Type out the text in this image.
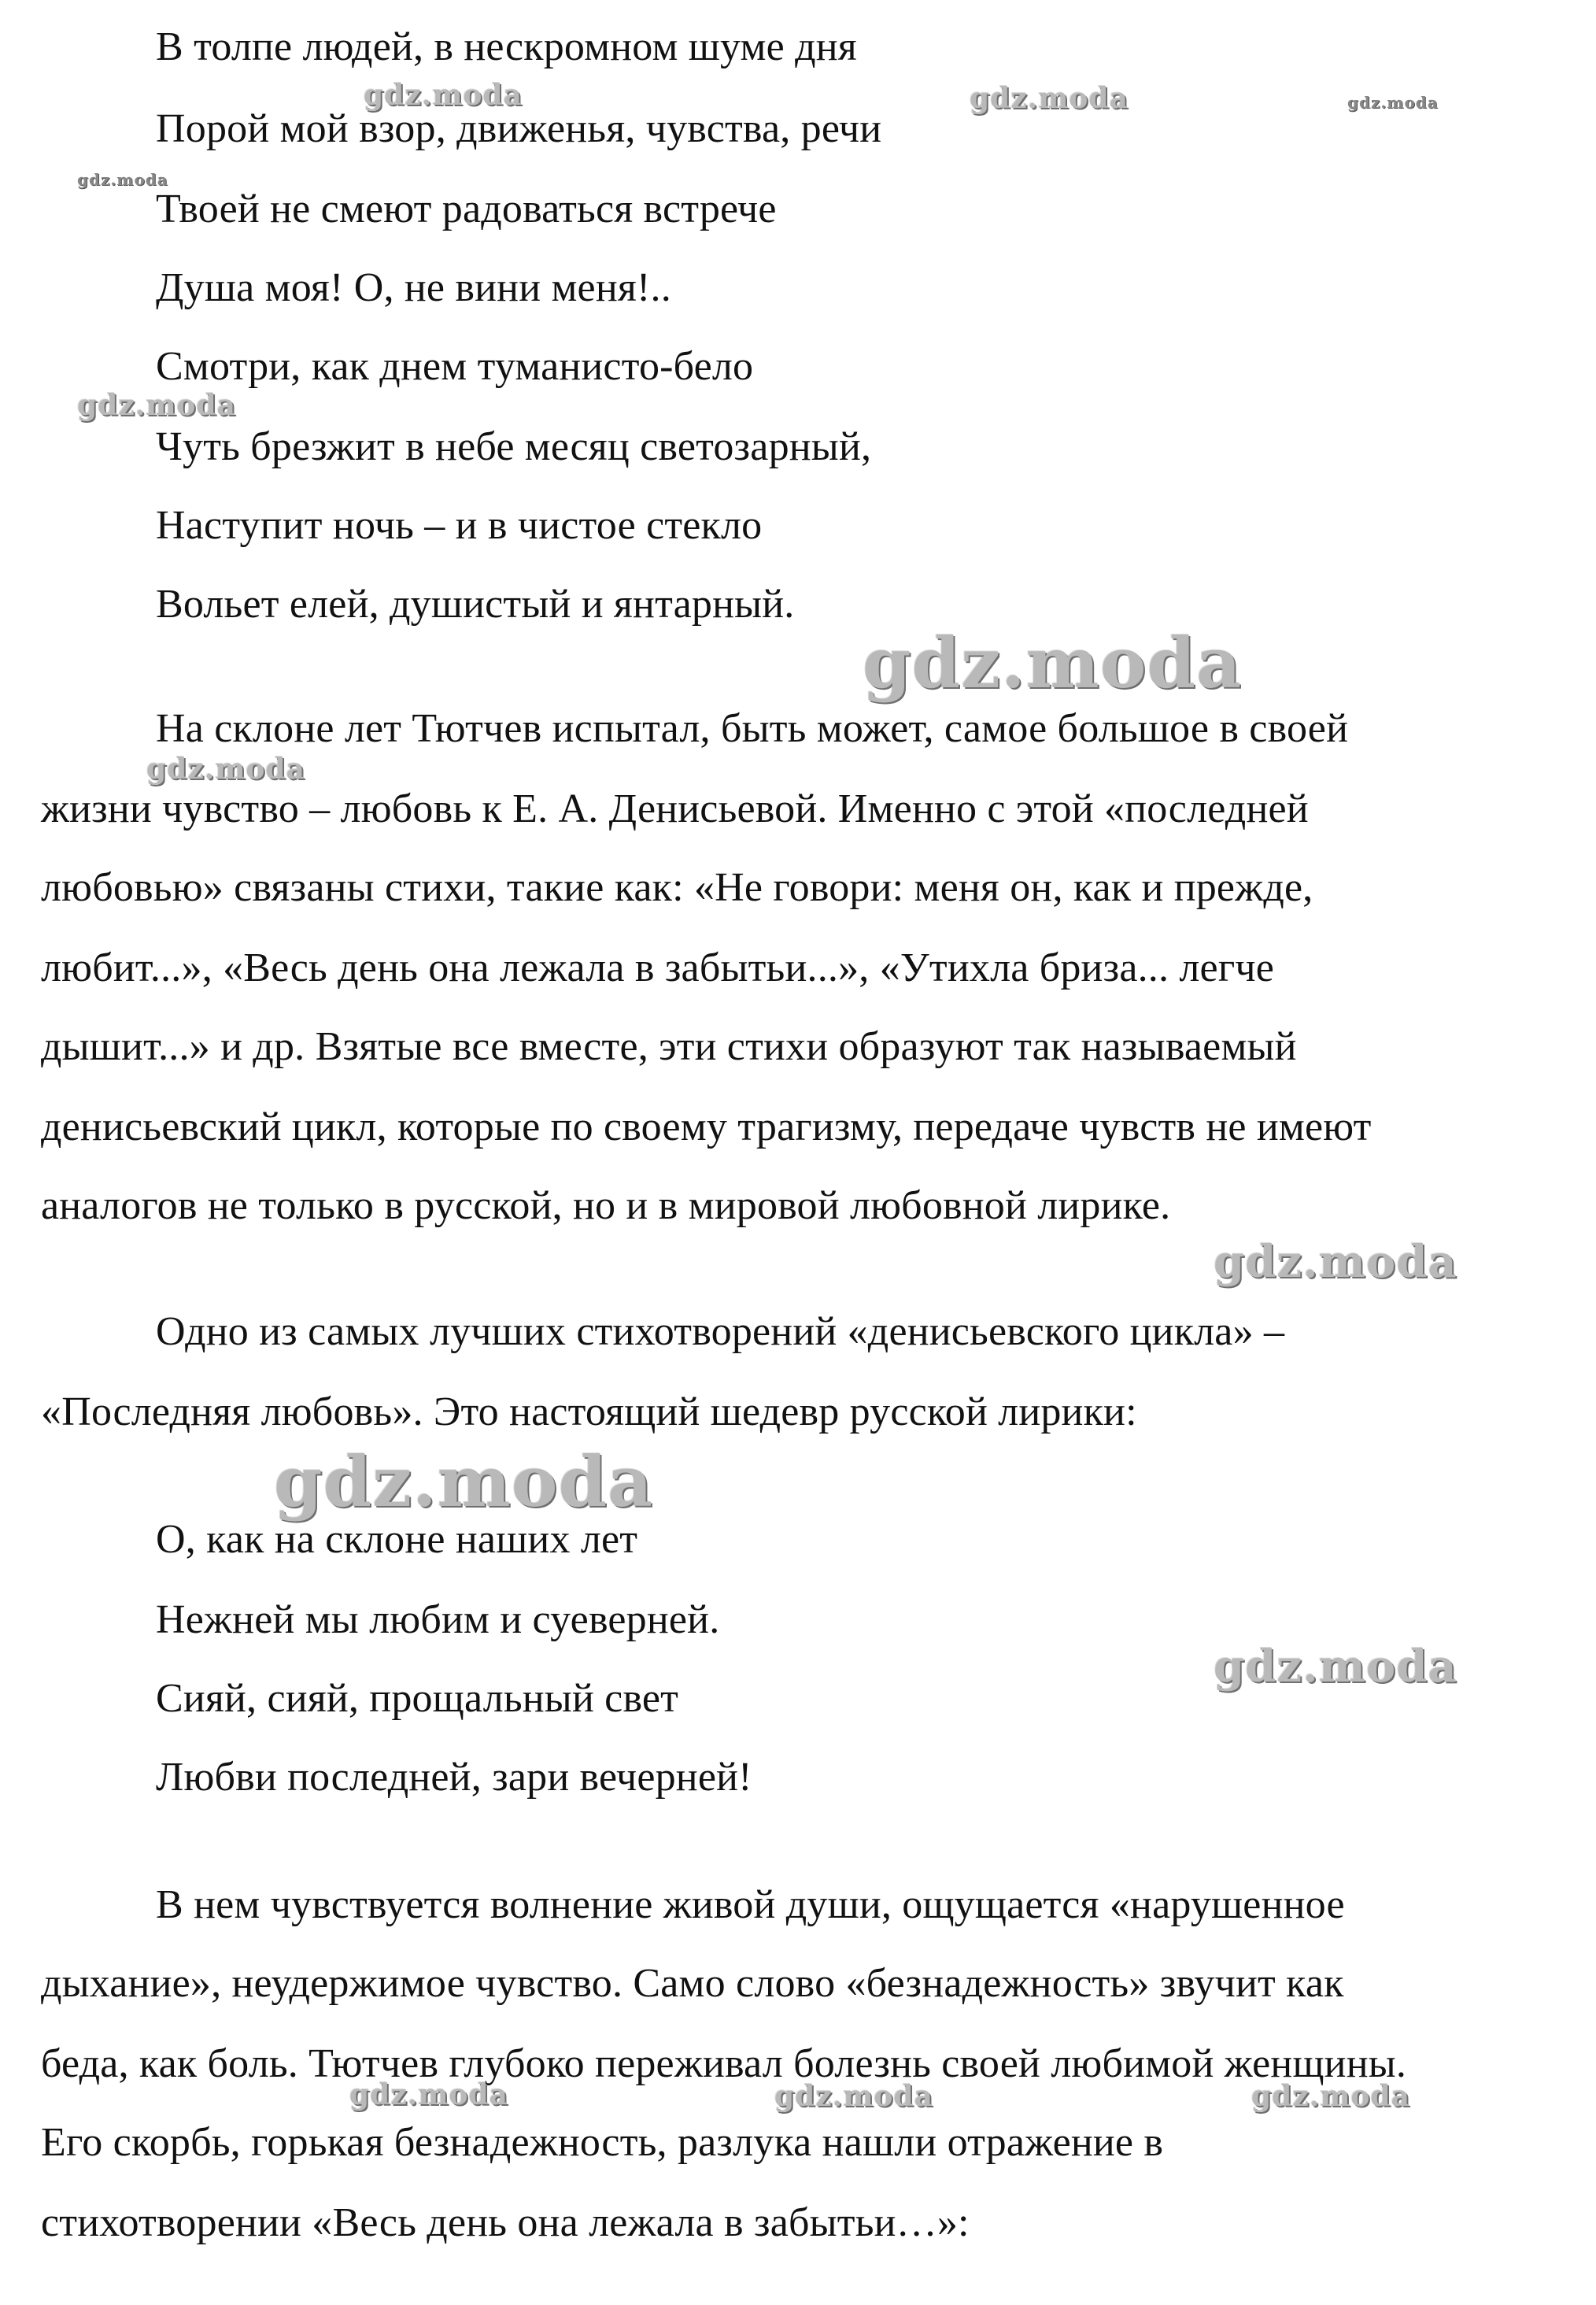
В толпе людей, в нескромном шуме дня
Порой мой взор, движенья, чувства, речи
Твоей не смеют радоваться встрече
Душа моя! О, не вини меня!..
Смотри, как днем туманисто-бело
Чуть брезжит в небе месяц светозарный,
Наступит ночь – и в чистое стекло
Вольет елей, душистый и янтарный.
На склоне лет Тютчев испытал, быть может, самое большое в своей
жизни чувство – любовь к Е. А. Денисьевой. Именно с этой «последней
любовью» связаны стихи, такие как: «Не говори: меня он, как и прежде,
любит...», «Весь день она лежала в забытьи...», «Утихла бриза... легче
дышит...» и др. Взятые все вместе, эти стихи образуют так называемый
денисьевский цикл, которые по своему трагизму, передаче чувств не имеют
аналогов не только в русской, но и в мировой любовной лирике.
Одно из самых лучших стихотворений «денисьевского цикла» –
«Последняя любовь». Это настоящий шедевр русской лирики:
О, как на склоне наших лет
Нежней мы любим и суеверней.
Сияй, сияй, прощальный свет
Любви последней, зари вечерней!
В нем чувствуется волнение живой души, ощущается «нарушенное
дыхание», неудержимое чувство. Само слово «безнадежность» звучит как
беда, как боль. Тютчев глубоко переживал болезнь своей любимой женщины.
Его скорбь, горькая безнадежность, разлука нашли отражение в
стихотворении «Весь день она лежала в забытьи…»:
gdz.moda	gdz.moda	gdz.moda
gdz.moda
gdz.moda
gdz.moda
gdz.moda
gdz.moda
gdz.moda
gdz.moda
gdz.moda	gdz.moda	gdz.moda
